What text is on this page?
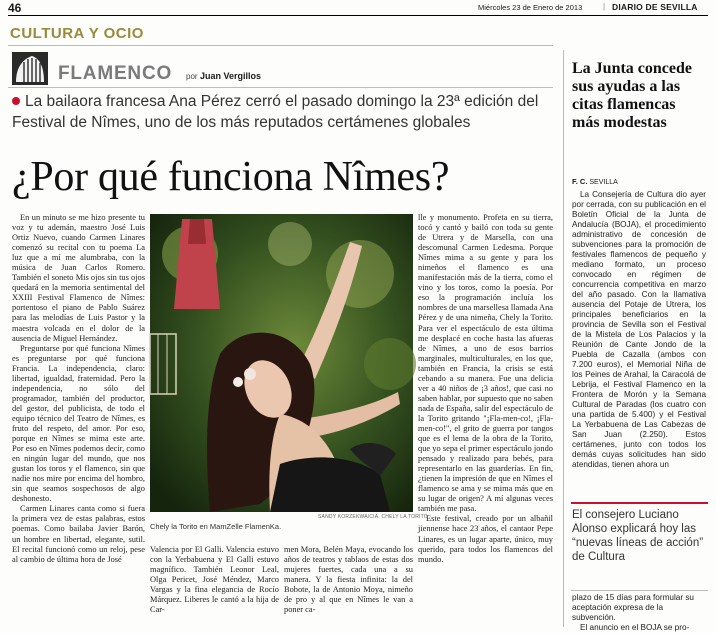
46	Miércoles 23 de Enero de 2013	| DIARIO DE SEVILLA
CULTURA Y OCIO
FLAMENCO por Juan Vergillos
La bailaora francesa Ana Pérez cerró el pasado domingo la 23ª edición del Festival de Nîmes, uno de los más reputados certámenes globales
¿Por qué funciona Nîmes?

En un minuto se me hizo presente tu voz y tu ademán, maestro José Luis Ortiz Nuevo, cuando Carmen Linares comenzó su recital con tu poema La luz que a mí me alumbraba, con la música de Juan Carlos Romero. También el soneto Mis ojos sin tus ojos quedará en la memoria sentimental del XXIII Festival Flamenco de Nîmes: portentoso el piano de Pablo Suárez para las melodías de Luis Pastor y la maestra volcada en el dolor de la ausencia de Miguel Hernández.

Preguntarse por qué funciona Nîmes es preguntarse por qué funciona Francia. La independencia, claro: libertad, igualdad, fraternidad. Pero la independencia, no sólo del programador, también del productor, del gestor, del publicista, de todo el equipo técnico del Teatro de Nîmes, es fruto del respeto, del amor. Por eso, porque en Nîmes se mima este arte. Por eso en Nîmes podemos decir, como en ningún lugar del mundo, que nos gustan los toros y el flamenco, sin que nadie nos mire por encima del hombro, sin que seamos sospechosos de algo deshonesto.

Carmen Linares canta como si fuera la primera vez de estas palabras, estos poemas. Como bailaba Javier Barón, un hombre en libertad, elegante, sutil. El recital funcionó como un reloj, pese al cambio de última hora de José

SANDY KORZEKWA/CIA. CHELY LA TORITO
Chely la Torito en MamZelle FlamenKa.

Valencia por El Galli. Valencia estuvo con la Yerbabuena y El Galli estuvo magnífico. También Leonor Leal, Olga Pericet, José Méndez, Marco Vargas y la fina elegancia de Rocío Márquez. Liberes le cantó a la hija de Car-

men Mora, Belén Maya, evocando los años de teatros y tablaos de estas dos mujeres fuertes, cada una a su manera. Y la fiesta infinita: la del Bobote, la de Antonio Moya, nimeño de pro y al que en Nîmes le van a poner ca-

lle y monumento. Profeta en su tierra, tocó y cantó y bailó con toda su gente de Utrera y de Marsella, con una descomunal Carmen Ledesma. Porque Nîmes mima a su gente y para los nimeños el flamenco es una manifestación más de la tierra, como el vino y los toros, como la poesía. Por eso la programación incluía los nombres de una marsellesa llamada Ana Pérez y de una nimeña, Chely la Torito. Para ver el espectáculo de esta última me desplacé en coche hasta las afueras de Nîmes, a uno de esos barrios marginales, multiculturales, en los que, también en Francia, la crisis se está cebando a su manera. Fue una delicia ver a 40 niños de ¡3 años!, que casi no saben hablar, por supuesto que no saben nada de España, salir del espectáculo de la Torito gritando "¡Fla-men-co!, ¡Fla-men-co!", el grito de guerra por tangos que es el lema de la obra de la Torito, que yo sepa el primer espectáculo jondo pensado y realizado para bebés, para representarlo en las guarderías. En fin, ¿tienen la impresión de que en Nîmes el flamenco se ama y se mima más que en su lugar de origen? A mí algunas veces también me pasa.

Este festival, creado por un albañil jiennense hace 23 años, el cantaor Pepe Linares, es un lugar aparte, único, muy querido, para todos los flamencos del mundo.

La Junta concede sus ayudas a las citas flamencas más modestas
F. C. SEVILLA

La Consejería de Cultura dio ayer por cerrada, con su publicación en el Boletín Oficial de la Junta de Andalucía (BOJA), el procedimiento administrativo de concesión de subvenciones para la promoción de festivales flamencos de pequeño y mediano formato, un proceso convocado en régimen de concurrencia competitiva en marzo del año pasado. Con la llamativa ausencia del Potaje de Utrera, los principales beneficiarios en la provincia de Sevilla son el Festival de la Mistela de Los Palacios y la Reunión de Cante Jondo de la Puebla de Cazalla (ambos con 7.200 euros), el Memorial Niña de los Peines de Arahal, la Caracolá de Lebrija, el Festival Flamenco en la Frontera de Morón y la Semana Cultural de Paradas (los cuatro con una partida de 5.400) y el Festival La Yerbabuena de Las Cabezas de San Juan (2.250). Estos certámenes, junto con todos los demás cuyas solicitudes han sido atendidas, tienen ahora un

El consejero Luciano Alonso explicará hoy las “nuevas líneas de acción” de Cultura

plazo de 15 días para formular su aceptación expresa de la subvención.

El anuncio en el BOJA se pro-
